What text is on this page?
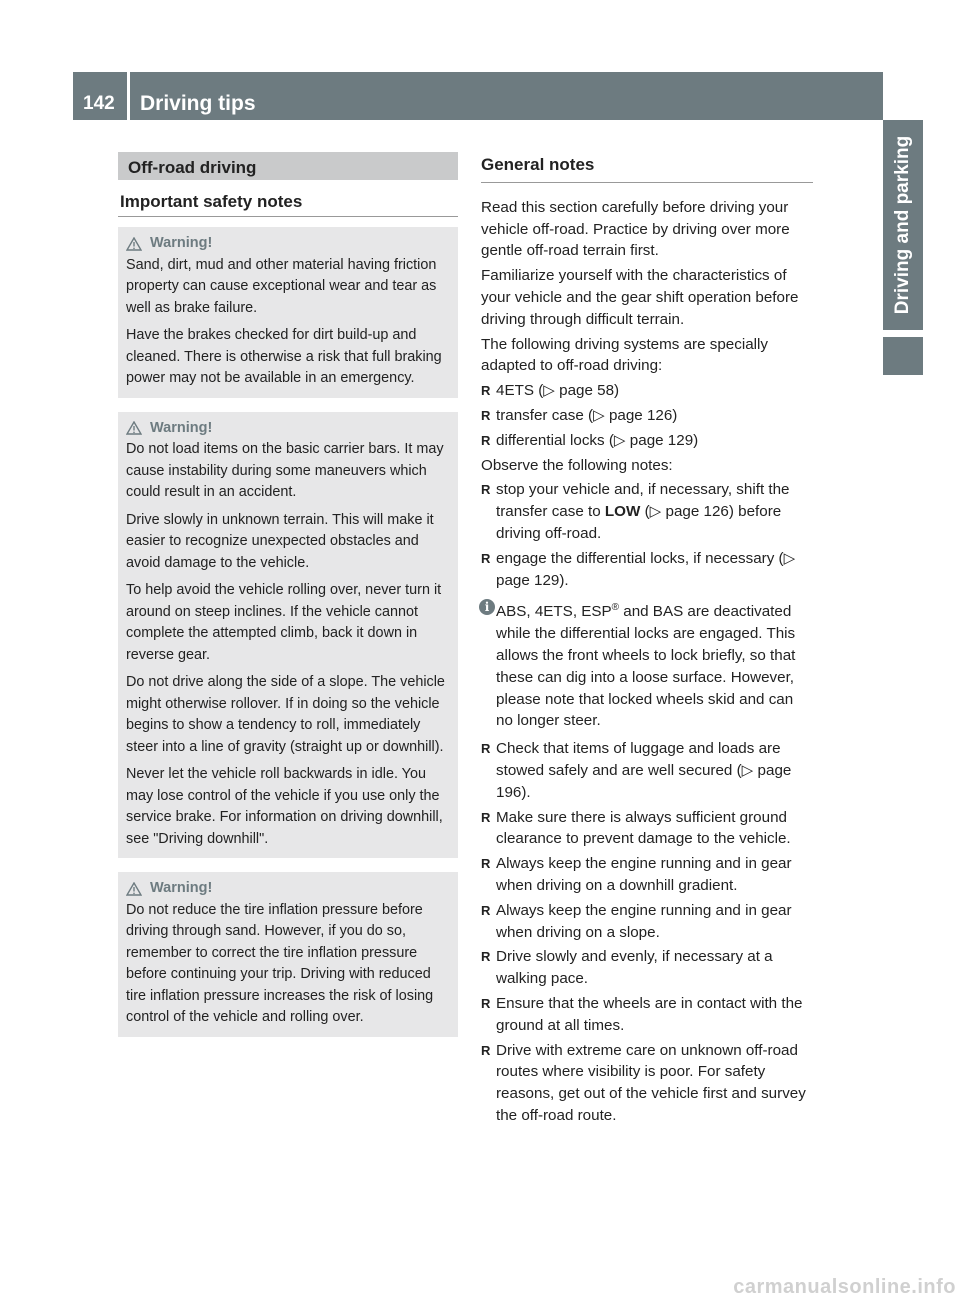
142	Driving tips
Driving and parking
Off-road driving
Important safety notes
Warning!

Sand, dirt, mud and other material having friction property can cause exceptional wear and tear as well as brake failure.

Have the brakes checked for dirt build-up and cleaned. There is otherwise a risk that full braking power may not be available in an emergency.

Warning!

Do not load items on the basic carrier bars. It may cause instability during some maneuvers which could result in an accident.

Drive slowly in unknown terrain. This will make it easier to recognize unexpected obstacles and avoid damage to the vehicle.

To help avoid the vehicle rolling over, never turn it around on steep inclines. If the vehicle cannot complete the attempted climb, back it down in reverse gear.

Do not drive along the side of a slope. The vehicle might otherwise rollover. If in doing so the vehicle begins to show a tendency to roll, immediately steer into a line of gravity (straight up or downhill).

Never let the vehicle roll backwards in idle. You may lose control of the vehicle if you use only the service brake. For information on driving downhill, see "Driving downhill".

Warning!

Do not reduce the tire inflation pressure before driving through sand. However, if you do so, remember to correct the tire inflation pressure before continuing your trip. Driving with reduced tire inflation pressure increases the risk of losing control of the vehicle and rolling over.

General notes

Read this section carefully before driving your vehicle off-road. Practice by driving over more gentle off-road terrain first.

Familiarize yourself with the characteristics of your vehicle and the gear shift operation before driving through difficult terrain.

The following driving systems are specially adapted to off-road driving:

R 4ETS (▷ page 58)
R transfer case (▷ page 126)
R differential locks (▷ page 129)

Observe the following notes:

R stop your vehicle and, if necessary, shift the transfer case to LOW (▷ page 126) before driving off-road.
R engage the differential locks, if necessary (▷ page 129).
i ABS, 4ETS, ESP® and BAS are deactivated while the differential locks are engaged. This allows the front wheels to lock briefly, so that these can dig into a loose surface. However, please note that locked wheels skid and can no longer steer.
R Check that items of luggage and loads are stowed safely and are well secured (▷ page 196).
R Make sure there is always sufficient ground clearance to prevent damage to the vehicle.
R Always keep the engine running and in gear when driving on a downhill gradient.
R Always keep the engine running and in gear when driving on a slope.
R Drive slowly and evenly, if necessary at a walking pace.
R Ensure that the wheels are in contact with the ground at all times.
R Drive with extreme care on unknown off-road routes where visibility is poor. For safety reasons, get out of the vehicle first and survey the off-road route.
carmanualsonline.info
